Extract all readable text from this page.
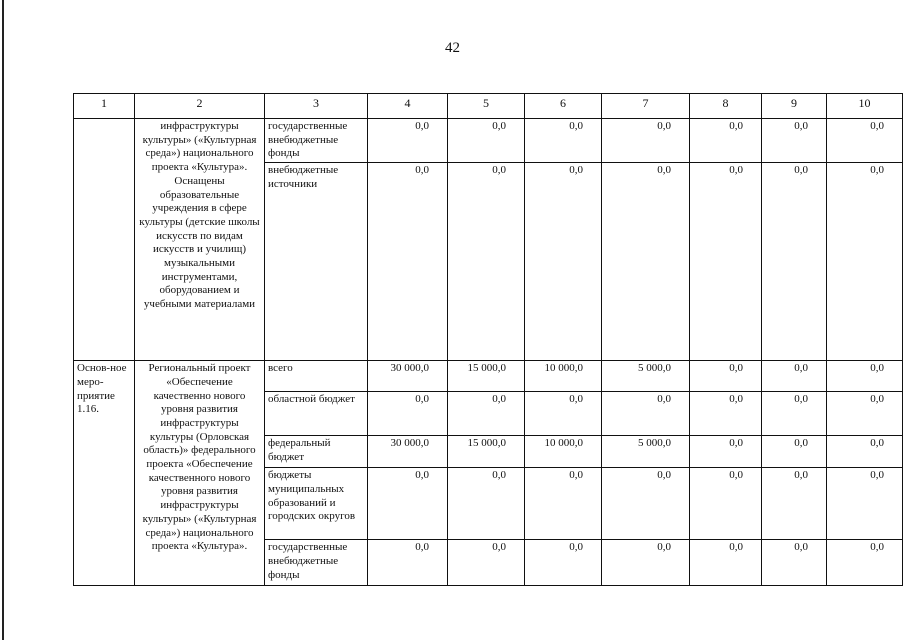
42
1	2	3	4	5	6	7	8	9	10
	инфраструктуры культуры» («Культурная среда») национального проекта «Культура». Оснащены образовательные учреждения в сфере культуры (детские школы искусств по видам искусств и училищ) музыкальными инструментами, оборудованием и учебными материалами	государственные внебюджетные фонды	0,0	0,0	0,0	0,0	0,0	0,0	0,0
		внебюджетные источники	0,0	0,0	0,0	0,0	0,0	0,0	0,0
Основ-ное меро-приятие 1.16.	Региональный проект «Обеспечение качественно нового уровня развития инфраструктуры культуры (Орловская область)» федерального проекта «Обеспечение качественного нового уровня развития инфраструктуры культуры» («Культурная среда») национального проекта «Культура».	всего	30 000,0	15 000,0	10 000,0	5 000,0	0,0	0,0	0,0
		областной бюджет	0,0	0,0	0,0	0,0	0,0	0,0	0,0
		федеральный бюджет	30 000,0	15 000,0	10 000,0	5 000,0	0,0	0,0	0,0
		бюджеты муниципальных образований и городских округов	0,0	0,0	0,0	0,0	0,0	0,0	0,0
		государственные внебюджетные фонды	0,0	0,0	0,0	0,0	0,0	0,0	0,0
